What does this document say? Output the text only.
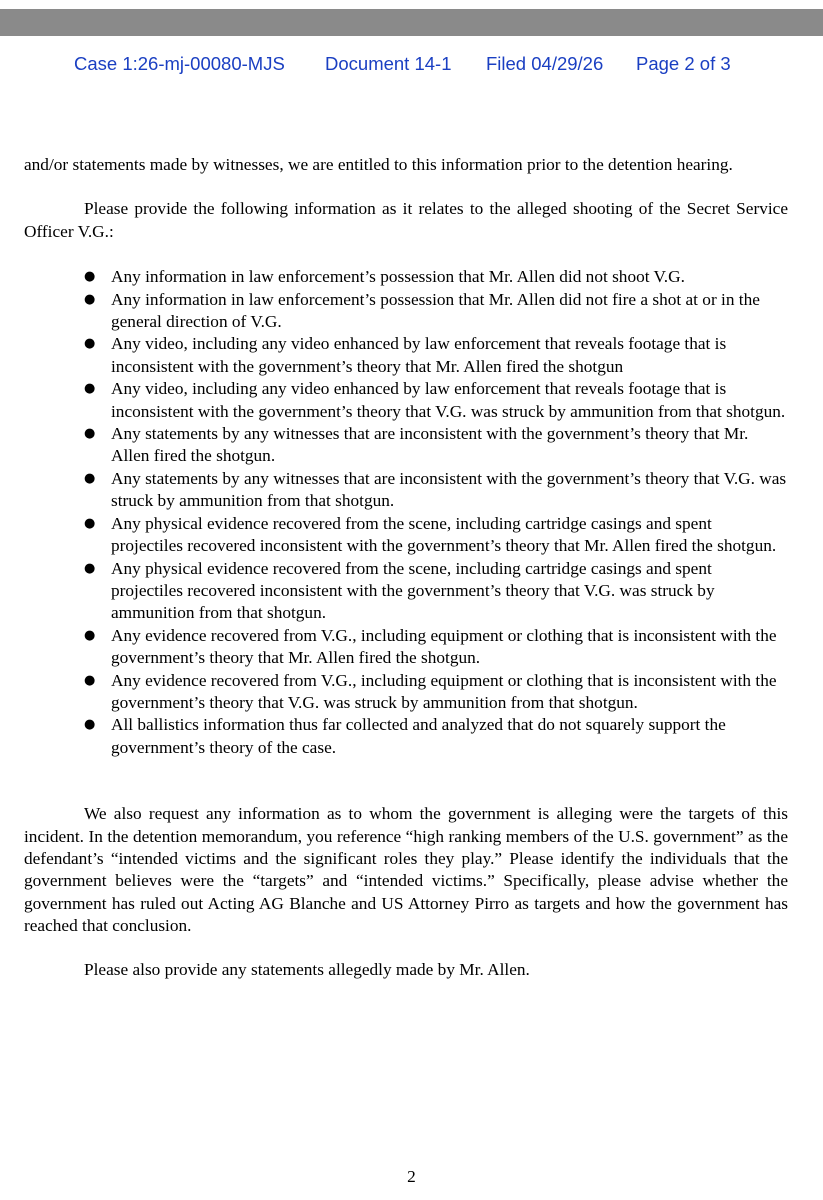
Case 1:26-mj-00080-MJS Document 14-1 Filed 04/29/26 Page 2 of 3

and/or statements made by witnesses, we are entitled to this information prior to the detention hearing.

Please provide the following information as it relates to the alleged shooting of the Secret Service Officer V.G.:

● Any information in law enforcement’s possession that Mr. Allen did not shoot V.G.
● Any information in law enforcement’s possession that Mr. Allen did not fire a shot at or in the general direction of V.G.
● Any video, including any video enhanced by law enforcement that reveals footage that is inconsistent with the government’s theory that Mr. Allen fired the shotgun
● Any video, including any video enhanced by law enforcement that reveals footage that is inconsistent with the government’s theory that V.G. was struck by ammunition from that shotgun.
● Any statements by any witnesses that are inconsistent with the government’s theory that Mr. Allen fired the shotgun.
● Any statements by any witnesses that are inconsistent with the government’s theory that V.G. was struck by ammunition from that shotgun.
● Any physical evidence recovered from the scene, including cartridge casings and spent projectiles recovered inconsistent with the government’s theory that Mr. Allen fired the shotgun.
● Any physical evidence recovered from the scene, including cartridge casings and spent projectiles recovered inconsistent with the government’s theory that V.G. was struck by ammunition from that shotgun.
● Any evidence recovered from V.G., including equipment or clothing that is inconsistent with the government’s theory that Mr. Allen fired the shotgun.
● Any evidence recovered from V.G., including equipment or clothing that is inconsistent with the government’s theory that V.G. was struck by ammunition from that shotgun.
● All ballistics information thus far collected and analyzed that do not squarely support the government’s theory of the case.

We also request any information as to whom the government is alleging were the targets of this incident. In the detention memorandum, you reference “high ranking members of the U.S. government” as the defendant’s “intended victims and the significant roles they play.” Please identify the individuals that the government believes were the “targets” and “intended victims.” Specifically, please advise whether the government has ruled out Acting AG Blanche and US Attorney Pirro as targets and how the government has reached that conclusion.

Please also provide any statements allegedly made by Mr. Allen.

2
